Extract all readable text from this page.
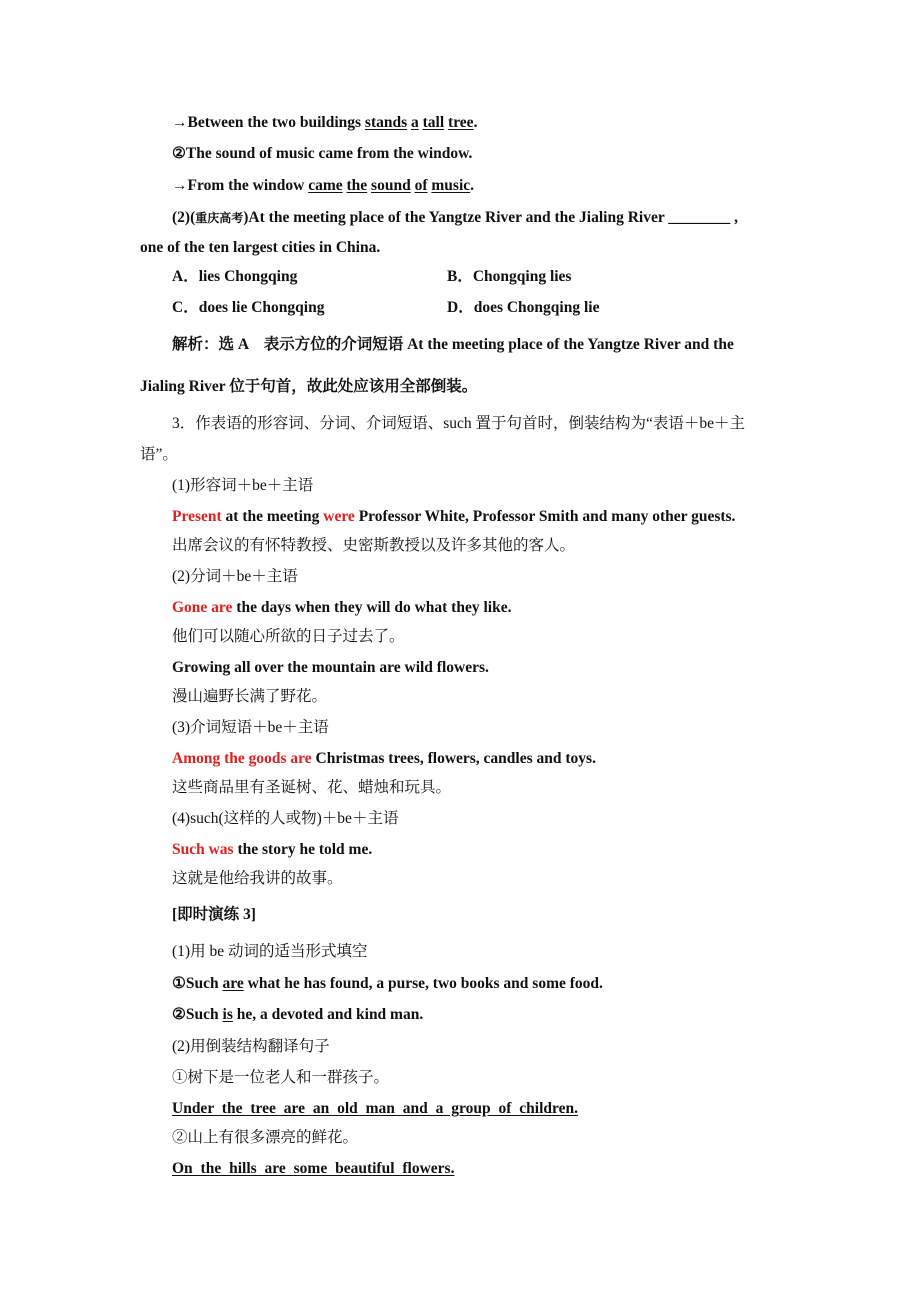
→Between the two buildings stands a tall tree.
②The sound of music came from the window.
→From the window came the sound of music.
(2)(重庆高考)At the meeting place of the Yangtze River and the Jialing River ________ ,
one of the ten largest cities in China.
A．lies Chongqing	B．Chongqing lies
C．does lie Chongqing	D．does Chongqing lie
解析：选 A　表示方位的介词短语 At the meeting place of the Yangtze River and the
Jialing River 位于句首，故此处应该用全部倒装。
3．作表语的形容词、分词、介词短语、such 置于句首时，倒装结构为“表语＋be＋主
语”。
(1)形容词＋be＋主语
Present at the meeting were Professor White, Professor Smith and many other guests.
出席会议的有怀特教授、史密斯教授以及许多其他的客人。
(2)分词＋be＋主语
Gone are the days when they will do what they like.
他们可以随心所欲的日子过去了。
Growing all over the mountain are wild flowers.
漫山遍野长满了野花。
(3)介词短语＋be＋主语
Among the goods are Christmas trees, flowers, candles and toys.
这些商品里有圣诞树、花、蜡烛和玩具。
(4)such(这样的人或物)＋be＋主语
Such was the story he told me.
这就是他给我讲的故事。
[即时演练 3]
(1)用 be 动词的适当形式填空
①Such are what he has found, a purse, two books and some food.
②Such is he, a devoted and kind man.
(2)用倒装结构翻译句子
①树下是一位老人和一群孩子。
Under the tree are an old man and a group of children.
②山上有很多漂亮的鲜花。
On the hills are some beautiful flowers.
